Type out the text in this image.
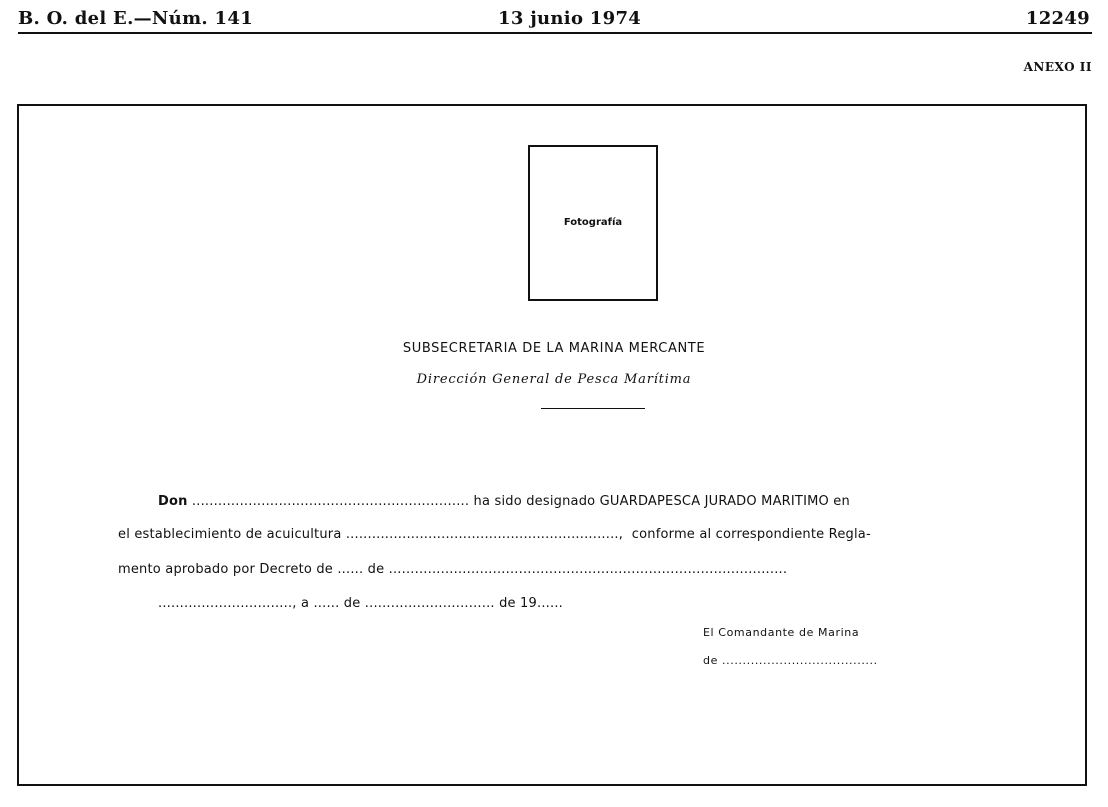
B. O. del E.—Núm. 141	13 junio 1974	12249
ANEXO II
Fotografía
SUBSECRETARIA DE LA MARINA MERCANTE
Dirección General de Pesca Marítima
Don ................................................................ ha sido designado GUARDAPESCA JURADO MARITIMO en
el establecimiento de acuicultura ...............................................................,  conforme al correspondiente Regla-
mento aprobado por Decreto de ...... de ............................................................................................
..............................., a ...... de .............................. de 19......
El Comandante de Marina
de ......................................
